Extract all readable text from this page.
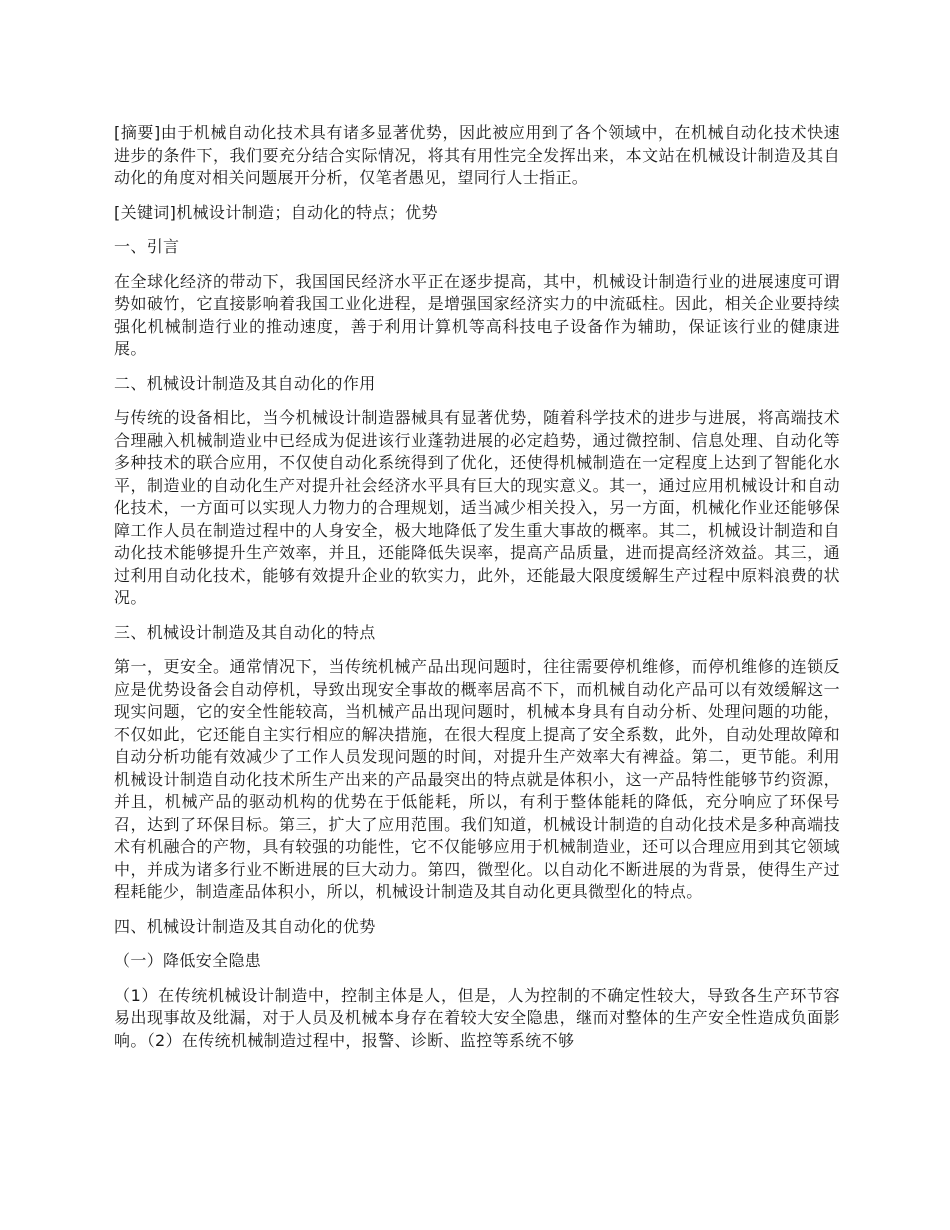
[摘要]由于机械自动化技术具有诸多显著优势，因此被应用到了各个领域中，在机械自动化技术快速进步的条件下，我们要充分结合实际情况，将其有用性完全发挥出来，本文站在机械设计制造及其自动化的角度对相关问题展开分析，仅笔者愚见，望同行人士指正。

[关键词]机械设计制造；自动化的特点；优势

一、引言

在全球化经济的带动下，我国国民经济水平正在逐步提高，其中，机械设计制造行业的进展速度可谓势如破竹，它直接影响着我国工业化进程，是增强国家经济实力的中流砥柱。因此，相关企业要持续强化机械制造行业的推动速度，善于利用计算机等高科技电子设备作为辅助，保证该行业的健康进展。

二、机械设计制造及其自动化的作用

与传统的设备相比，当今机械设计制造器械具有显著优势，随着科学技术的进步与进展，将高端技术合理融入机械制造业中已经成为促进该行业蓬勃进展的必定趋势，通过微控制、信息处理、自动化等多种技术的联合应用，不仅使自动化系统得到了优化，还使得机械制造在一定程度上达到了智能化水平，制造业的自动化生产对提升社会经济水平具有巨大的现实意义。其一，通过应用机械设计和自动化技术，一方面可以实现人力物力的合理规划，适当减少相关投入，另一方面，机械化作业还能够保障工作人员在制造过程中的人身安全，极大地降低了发生重大事故的概率。其二，机械设计制造和自动化技术能够提升生产效率，并且，还能降低失误率，提高产品质量，进而提高经济效益。其三，通过利用自动化技术，能够有效提升企业的软实力，此外，还能最大限度缓解生产过程中原料浪费的状况。

三、机械设计制造及其自动化的特点

第一，更安全。通常情况下，当传统机械产品出现问题时，往往需要停机维修，而停机维修的连锁反应是优势设备会自动停机，导致出现安全事故的概率居高不下，而机械自动化产品可以有效缓解这一现实问题，它的安全性能较高，当机械产品出现问题时，机械本身具有自动分析、处理问题的功能，不仅如此，它还能自主实行相应的解决措施，在很大程度上提高了安全系数，此外，自动处理故障和自动分析功能有效减少了工作人员发现问题的时间，对提升生产效率大有裨益。第二，更节能。利用机械设计制造自动化技术所生产出来的产品最突出的特点就是体积小，这一产品特性能够节约资源，并且，机械产品的驱动机构的优势在于低能耗，所以，有利于整体能耗的降低，充分响应了环保号召，达到了环保目标。第三，扩大了应用范围。我们知道，机械设计制造的自动化技术是多种高端技术有机融合的产物，具有较强的功能性，它不仅能够应用于机械制造业，还可以合理应用到其它领域中，并成为诸多行业不断进展的巨大动力。第四，微型化。以自动化不断进展的为背景，使得生产过程耗能少，制造產品体积小，所以，机械设计制造及其自动化更具微型化的特点。

四、机械设计制造及其自动化的优势

（一）降低安全隐患

（1）在传统机械设计制造中，控制主体是人，但是，人为控制的不确定性较大，导致各生产环节容易出现事故及纰漏，对于人员及机械本身存在着较大安全隐患，继而对整体的生产安全性造成负面影响。（2）在传统机械制造过程中，报警、诊断、监控等系统不够
